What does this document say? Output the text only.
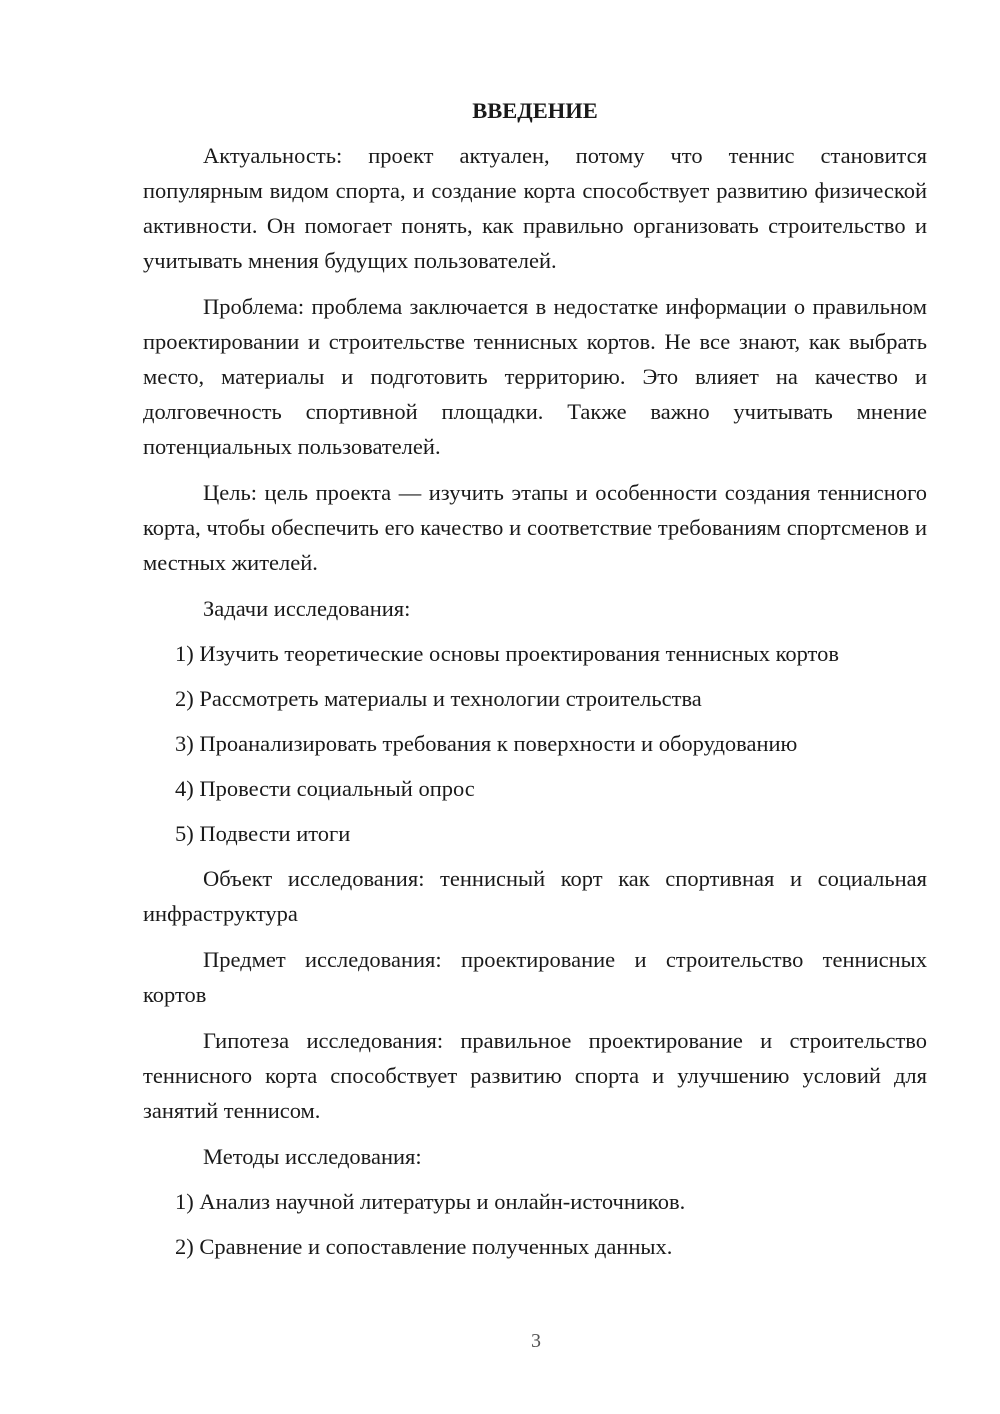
ВВЕДЕНИЕ

Актуальность: проект актуален, потому что теннис становится популярным видом спорта, и создание корта способствует развитию физической активности. Он помогает понять, как правильно организовать строительство и учитывать мнения будущих пользователей.

Проблема: проблема заключается в недостатке информации о правильном проектировании и строительстве теннисных кортов. Не все знают, как выбрать место, материалы и подготовить территорию. Это влияет на качество и долговечность спортивной площадки. Также важно учитывать мнение потенциальных пользователей.

Цель: цель проекта — изучить этапы и особенности создания теннисного корта, чтобы обеспечить его качество и соответствие требованиям спортсменов и местных жителей.

Задачи исследования:

1) Изучить теоретические основы проектирования теннисных кортов
2) Рассмотреть материалы и технологии строительства
3) Проанализировать требования к поверхности и оборудованию
4) Провести социальный опрос
5) Подвести итоги

Объект исследования: теннисный корт как спортивная и социальная инфраструктура

Предмет исследования: проектирование и строительство теннисных кортов

Гипотеза исследования: правильное проектирование и строительство теннисного корта способствует развитию спорта и улучшению условий для занятий теннисом.

Методы исследования:

1) Анализ научной литературы и онлайн-источников.
2) Сравнение и сопоставление полученных данных.
3
